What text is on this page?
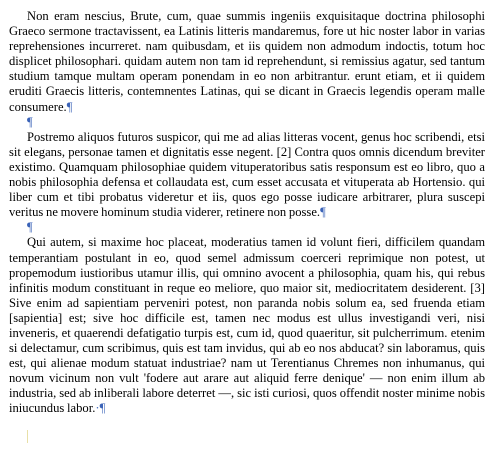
Non eram nescius, Brute, cum, quae summis ingeniis exquisitaque doctrina philosophi Graeco sermone tractavissent, ea Latinis litteris mandaremus, fore ut hic noster labor in varias reprehensiones incurreret. nam quibusdam, et iis quidem non admodum indoctis, totum hoc displicet philosophari. quidam autem non tam id reprehendunt, si remissius agatur, sed tantum studium tamque multam operam ponendam in eo non arbitrantur. erunt etiam, et ii quidem eruditi Graecis litteris, contemnentes Latinas, qui se dicant in Graecis legendis operam malle consumere.¶

¶

Postremo aliquos futuros suspicor, qui me ad alias litteras vocent, genus hoc scribendi, etsi sit elegans, personae tamen et dignitatis esse negent. [2] Contra quos omnis dicendum breviter existimo. Quamquam philosophiae quidem vituperatoribus satis responsum est eo libro, quo a nobis philosophia defensa et collaudata est, cum esset accusata et vituperata ab Hortensio. qui liber cum et tibi probatus videretur et iis, quos ego posse iudicare arbitrarer, plura suscepi veritus ne movere hominum studia viderer, retinere non posse.¶

¶

Qui autem, si maxime hoc placeat, moderatius tamen id volunt fieri, difficilem quandam temperantiam postulant in eo, quod semel admissum coerceri reprimique non potest, ut propemodum iustioribus utamur illis, qui omnino avocent a philosophia, quam his, qui rebus infinitis modum constituant in reque eo meliore, quo maior sit, mediocritatem desiderent. [3] Sive enim ad sapientiam perveniri potest, non paranda nobis solum ea, sed fruenda etiam [sapientia] est; sive hoc difficile est, tamen nec modus est ullus investigandi veri, nisi inveneris, et quaerendi defatigatio turpis est, cum id, quod quaeritur, sit pulcherrimum. etenim si delectamur, cum scribimus, quis est tam invidus, qui ab eo nos abducat? sin laboramus, quis est, qui alienae modum statuat industriae? nam ut Terentianus Chremes non inhumanus, qui novum vicinum non vult 'fodere aut arare aut aliquid ferre denique' — non enim illum ab industria, sed ab inliberali labore deterret —, sic isti curiosi, quos offendit noster minime nobis iniucundus labor.·¶
